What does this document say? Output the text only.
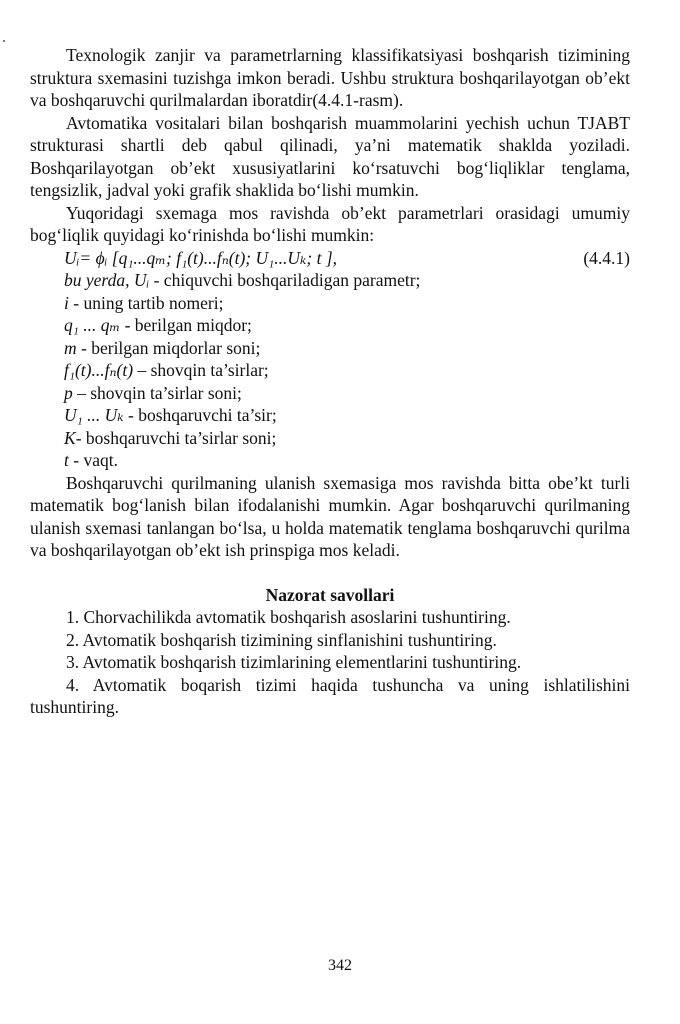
Texnologik zanjir va parametrlarning klassifikatsiyasi boshqarish tizimining struktura sxemasini tuzishga imkon beradi. Ushbu struktura boshqarilayotgan ob’ekt va boshqaruvchi qurilmalardan iboratdir(4.4.1-rasm).

Avtomatika vositalari bilan boshqarish muammolarini yechish uchun TJABT strukturasi shartli deb qabul qilinadi, ya’ni matematik shaklda yoziladi. Boshqarilayotgan ob’ekt xususiyatlarini ko‘rsatuvchi bog‘liqliklar tenglama, tengsizlik, jadval yoki grafik shaklida bo‘lishi mumkin.

Yuqoridagi sxemaga mos ravishda ob’ekt parametrlari orasidagi umumiy bog‘liqlik quyidagi ko‘rinishda bo‘lishi mumkin:

Uᵢ= ϕᵢ [q₁...qₘ; f₁(t)...fₙ(t); U₁...Uₖ; t ],	(4.4.1)
bu yerda, Uᵢ - chiquvchi boshqariladigan parametr;
i - uning tartib nomeri;
q₁ ... qₘ - berilgan miqdor;
m - berilgan miqdorlar soni;
f₁(t)...fₙ(t) – shovqin ta’sirlar;
p – shovqin ta’sirlar soni;
U₁ ... Uₖ - boshqaruvchi ta’sir;
K- boshqaruvchi ta’sirlar soni;
t - vaqt.

Boshqaruvchi qurilmaning ulanish sxemasiga mos ravishda bitta obe’kt turli matematik bog‘lanish bilan ifodalanishi mumkin. Agar boshqaruvchi qurilmaning ulanish sxemasi tanlangan bo‘lsa, u holda matematik tenglama boshqaruvchi qurilma va boshqarilayotgan ob’ekt ish prinspiga mos keladi.

Nazorat savollari

1. Chorvachilikda avtomatik boshqarish asoslarini tushuntiring.

2. Avtomatik boshqarish tizimining sinflanishini tushuntiring.

3. Avtomatik boshqarish tizimlarining elementlarini tushuntiring.

4. Avtomatik boqarish tizimi haqida tushuncha va uning ishlatilishini tushuntiring.

342
